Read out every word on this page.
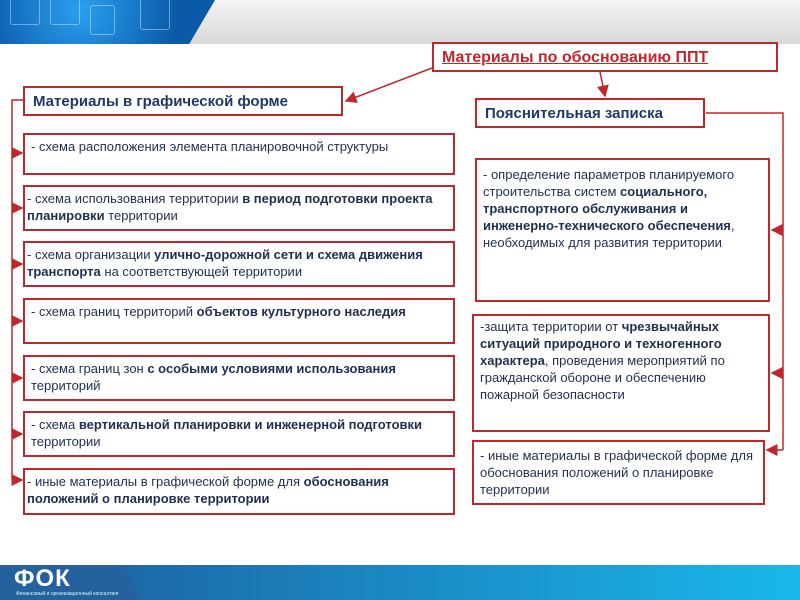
Материалы по обоснованию ППТ
Материалы в графической форме
Пояснительная записка
- схема расположения элемента планировочной структуры
- схема использования территории в период подготовки проекта планировки территории
- схема организации улично-дорожной сети и схема движения транспорта на соответствующей территории
- схема границ территорий объектов культурного наследия
- схема границ зон с особыми условиями использования территорий
- схема вертикальной планировки и инженерной подготовки территории
- иные материалы в графической форме для обоснования положений о планировке территории
- определение параметров планируемого строительства систем социального, транспортного обслуживания и инженерно-технического обеспечения, необходимых для развития территории
-защита территории от чрезвычайных ситуаций природного и техногенного характера, проведения мероприятий по гражданской обороне и обеспечению пожарной безопасности
- иные материалы в графической форме для обоснования положений о планировке территории
ФОК
Финансовый и организационный консалтинг
